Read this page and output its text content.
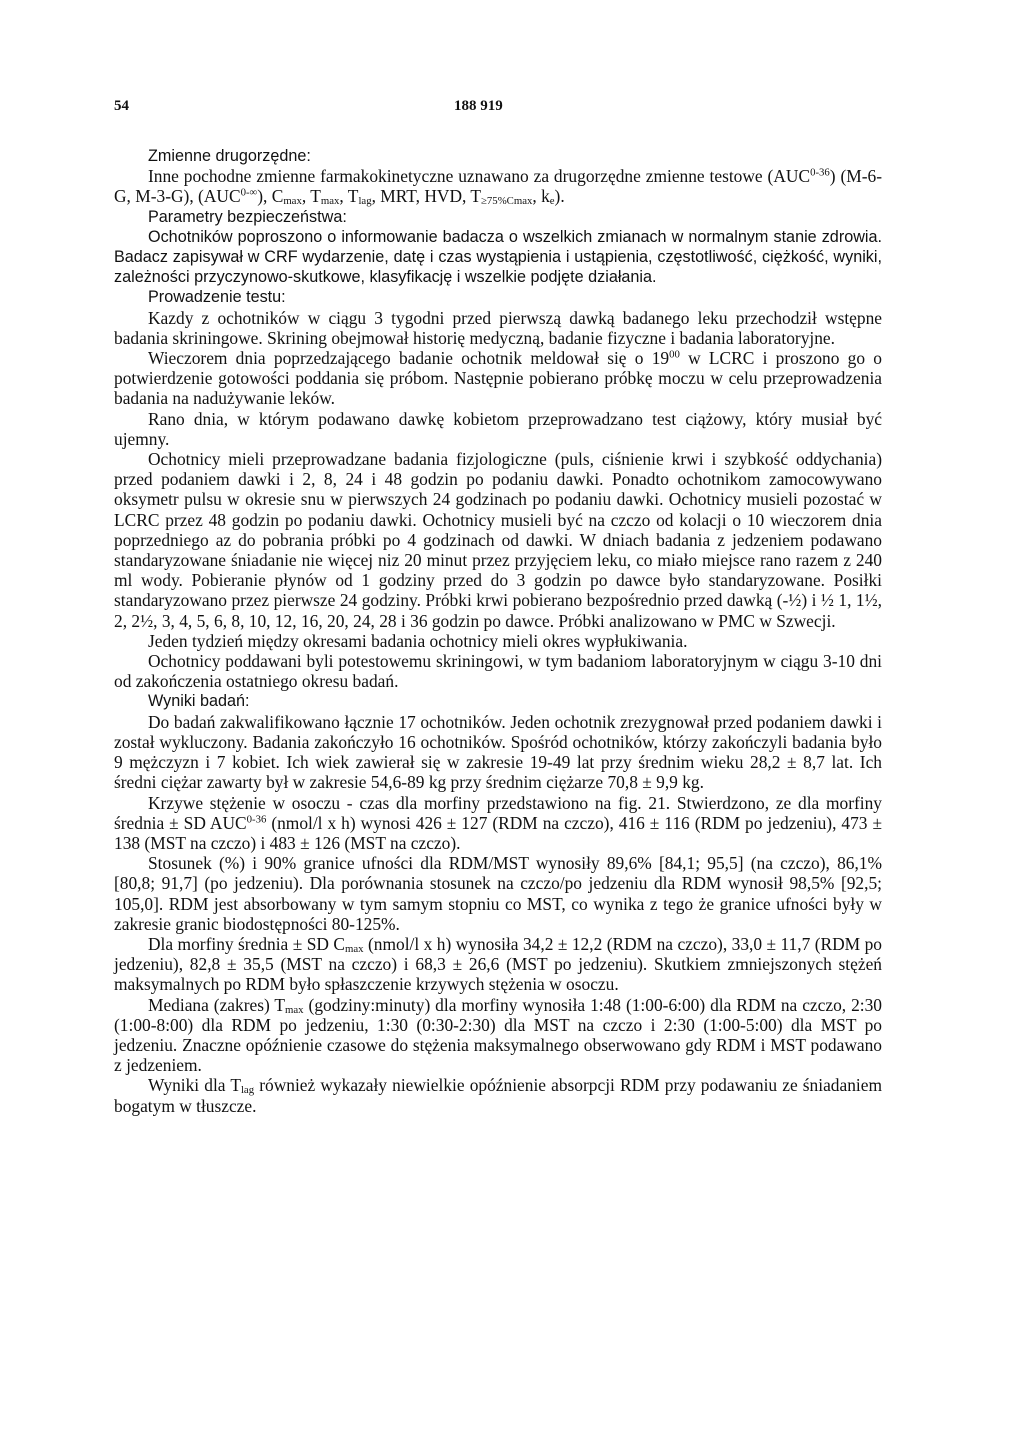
54	188 919

Zmienne drugorzędne:

Inne pochodne zmienne farmakokinetyczne uznawano za drugorzędne zmienne testowe (AUC$^{0-36}$) (M-6-G, M-3-G), $(AUC^{0-\infty})$, $C_{max}$, $T_{max}$, $T_{lag}$, MRT, HVD, $T_{\ge 75\%Cmax}$, $k_e$).

Parametry bezpieczeństwa:

Ochotników poproszono o informowanie badacza o wszelkich zmianach w normalnym stanie zdrowia. Badacz zapisywał w CRF wydarzenie, datę i czas wystąpienia i ustąpienia, częstotliwość, ciężkość, wyniki, zależności przyczynowo-skutkowe, klasyfikację i wszelkie podjęte działania.

Prowadzenie testu:

Kazdy z ochotników w ciągu 3 tygodni przed pierwszą dawką badanego leku przechodził wstępne badania skriningowe. Skrining obejmował historię medyczną, badanie fizyczne i badania laboratoryjne.

Wieczorem dnia poprzedzającego badanie ochotnik meldował się o $19^{00}$ w LCRC i proszono go o potwierdzenie gotowości poddania się próbom. Następnie pobierano próbkę moczu w celu przeprowadzenia badania na nadużywanie leków.

Rano dnia, w którym podawano dawkę kobietom przeprowadzano test ciążowy, który musiał być ujemny.

Ochotnicy mieli przeprowadzane badania fizjologiczne (puls, ciśnienie krwi i szybkość oddychania) przed podaniem dawki i 2, 8, 24 i 48 godzin po podaniu dawki. Ponadto ochotnikom zamocowywano oksymetr pulsu w okresie snu w pierwszych 24 godzinach po podaniu dawki. Ochotnicy musieli pozostać w LCRC przez 48 godzin po podaniu dawki. Ochotnicy musieli być na czczo od kolacji o 10 wieczorem dnia poprzedniego az do pobrania próbki po 4 godzinach od dawki. W dniach badania z jedzeniem podawano standaryzowane śniadanie nie więcej niz 20 minut przez przyjęciem leku, co miało miejsce rano razem z 240 ml wody. Pobieranie płynów od 1 godziny przed do 3 godzin po dawce było standaryzowane. Posiłki standaryzowano przez pierwsze 24 godziny. Próbki krwi pobierano bezpośrednio przed dawką (-½) i ½ 1, 1½, 2, 2½, 3, 4, 5, 6, 8, 10, 12, 16, 20, 24, 28 i 36 godzin po dawce. Próbki analizowano w PMC w Szwecji.

Jeden tydzień między okresami badania ochotnicy mieli okres wypłukiwania.

Ochotnicy poddawani byli potestowemu skriningowi, w tym badaniom laboratoryjnym w ciągu 3-10 dni od zakończenia ostatniego okresu badań.

Wyniki badań:

Do badań zakwalifikowano łącznie 17 ochotników. Jeden ochotnik zrezygnował przed podaniem dawki i został wykluczony. Badania zakończyło 16 ochotników. Spośród ochotników, którzy zakończyli badania było 9 mężczyzn i 7 kobiet. Ich wiek zawierał się w zakresie 19-49 lat przy średnim wieku 28,2 ± 8,7 lat. Ich średni ciężar zawarty był w zakresie 54,6-89 kg przy średnim ciężarze 70,8 ± 9,9 kg.

Krzywe stężenie w osoczu - czas dla morfiny przedstawiono na fig. 21. Stwierdzono, ze dla morfiny średnia ± SD AUC$^{0-36}$ (nmol/l x h) wynosi 426 ± 127 (RDM na czczo), 416 ± 116 (RDM po jedzeniu), 473 ± 138 (MST na czczo) i 483 ± 126 (MST na czczo).

Stosunek (%) i 90% granice ufności dla RDM/MST wynosiły 89,6% [84,1; 95,5] (na czczo), 86,1% [80,8; 91,7] (po jedzeniu). Dla porównania stosunek na czczo/po jedzeniu dla RDM wynosił 98,5% [92,5; 105,0]. RDM jest absorbowany w tym samym stopniu co MST, co wynika z tego że granice ufności były w zakresie granic biodostępności 80-125%.

Dla morfiny średnia ± SD $C_{max}$ (nmol/l x h) wynosiła 34,2 ± 12,2 (RDM na czczo), 33,0 ± 11,7 (RDM po jedzeniu), 82,8 ± 35,5 (MST na czczo) i 68,3 ± 26,6 (MST po jedzeniu). Skutkiem zmniejszonych stężeń maksymalnych po RDM było spłaszczenie krzywych stężenia w osoczu.

Mediana (zakres) $T_{max}$ (godziny:minuty) dla morfiny wynosiła 1:48 (1:00-6:00) dla RDM na czczo, 2:30 (1:00-8:00) dla RDM po jedzeniu, 1:30 (0:30-2:30) dla MST na czczo i 2:30 (1:00-5:00) dla MST po jedzeniu. Znaczne opóźnienie czasowe do stężenia maksymalnego obserwowano gdy RDM i MST podawano z jedzeniem.

Wyniki dla $T_{lag}$ również wykazały niewielkie opóźnienie absorpcji RDM przy podawaniu ze śniadaniem bogatym w tłuszcze.
